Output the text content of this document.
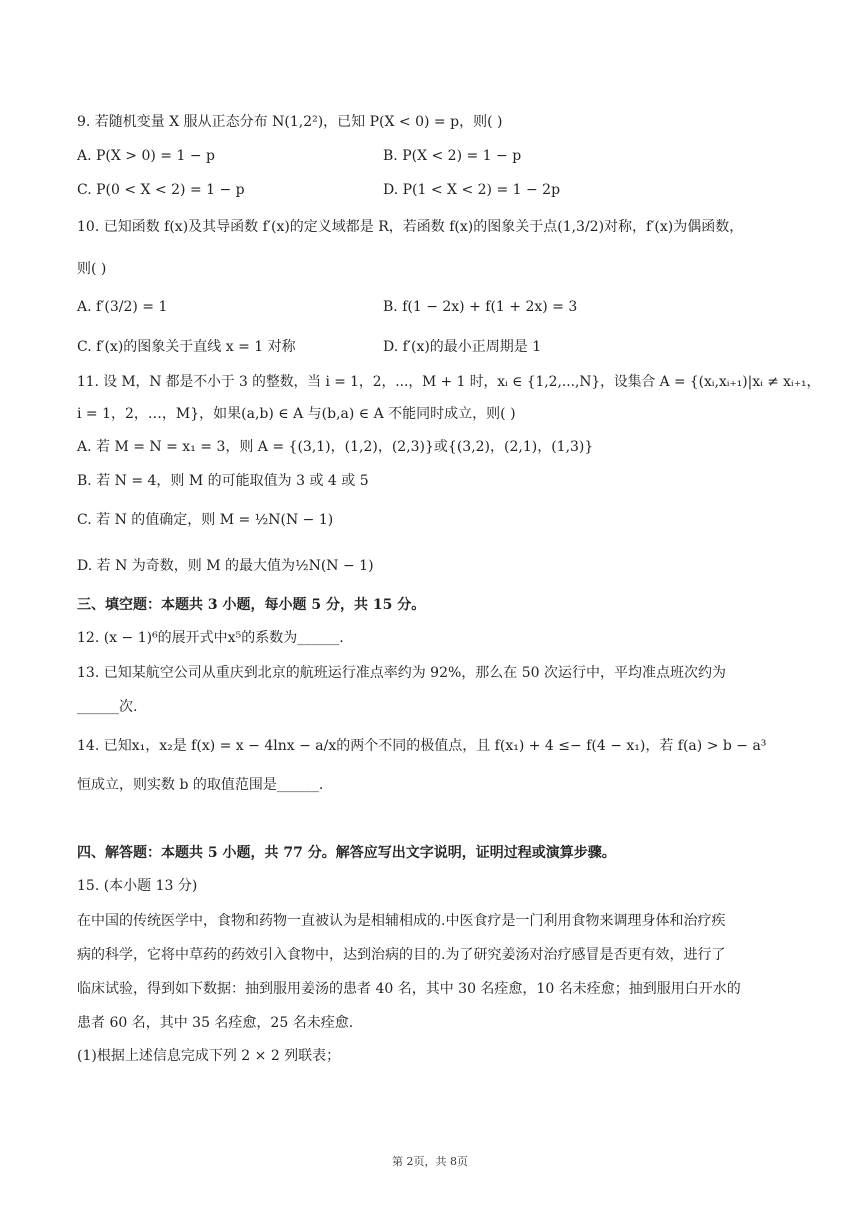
9. 若随机变量 X 服从正态分布 N(1,2²)，已知 P(X < 0) = p，则( )
A. P(X > 0) = 1 − p	B. P(X < 2) = 1 − p
C. P(0 < X < 2) = 1 − p	D. P(1 < X < 2) = 1 − 2p
10. 已知函数 f(x)及其导函数 f′(x)的定义域都是 R，若函数 f(x)的图象关于点(1,3/2)对称，f′(x)为偶函数，
则( )
A. f′(3/2) = 1	B. f(1 − 2x) + f(1 + 2x) = 3
C. f′(x)的图象关于直线 x = 1 对称	D. f′(x)的最小正周期是 1
11. 设 M，N 都是不小于 3 的整数，当 i = 1，2，...，M + 1 时，xᵢ ∈ {1,2,...,N}，设集合 A = {(xᵢ,xᵢ₊₁)|xᵢ ≠ xᵢ₊₁，
i = 1，2，…，M}，如果(a,b) ∈ A 与(b,a) ∈ A 不能同时成立，则( )
A. 若 M = N = x₁ = 3，则 A = {(3,1)，(1,2)，(2,3)}或{(3,2)，(2,1)，(1,3)}
B. 若 N = 4，则 M 的可能取值为 3 或 4 或 5
C. 若 N 的值确定，则 M = ½N(N − 1)
D. 若 N 为奇数，则 M 的最大值为½N(N − 1)
三、填空题：本题共 3 小题，每小题 5 分，共 15 分。
12. (x − 1)⁶的展开式中x⁵的系数为______.
13. 已知某航空公司从重庆到北京的航班运行准点率约为 92%，那么在 50 次运行中，平均准点班次约为
______次.
14. 已知x₁，x₂是 f(x) = x − 4lnx − a/x的两个不同的极值点，且 f(x₁) + 4 ≤− f(4 − x₁)，若 f(a) > b − a³
恒成立，则实数 b 的取值范围是______.
四、解答题：本题共 5 小题，共 77 分。解答应写出文字说明，证明过程或演算步骤。
15. (本小题 13 分)
在中国的传统医学中，食物和药物一直被认为是相辅相成的.中医食疗是一门利用食物来调理身体和治疗疾
病的科学，它将中草药的药效引入食物中，达到治病的目的.为了研究姜汤对治疗感冒是否更有效，进行了
临床试验，得到如下数据：抽到服用姜汤的患者 40 名，其中 30 名痊愈，10 名未痊愈；抽到服用白开水的
患者 60 名，其中 35 名痊愈，25 名未痊愈.
(1)根据上述信息完成下列 2 × 2 列联表；
第 2页，共 8页
